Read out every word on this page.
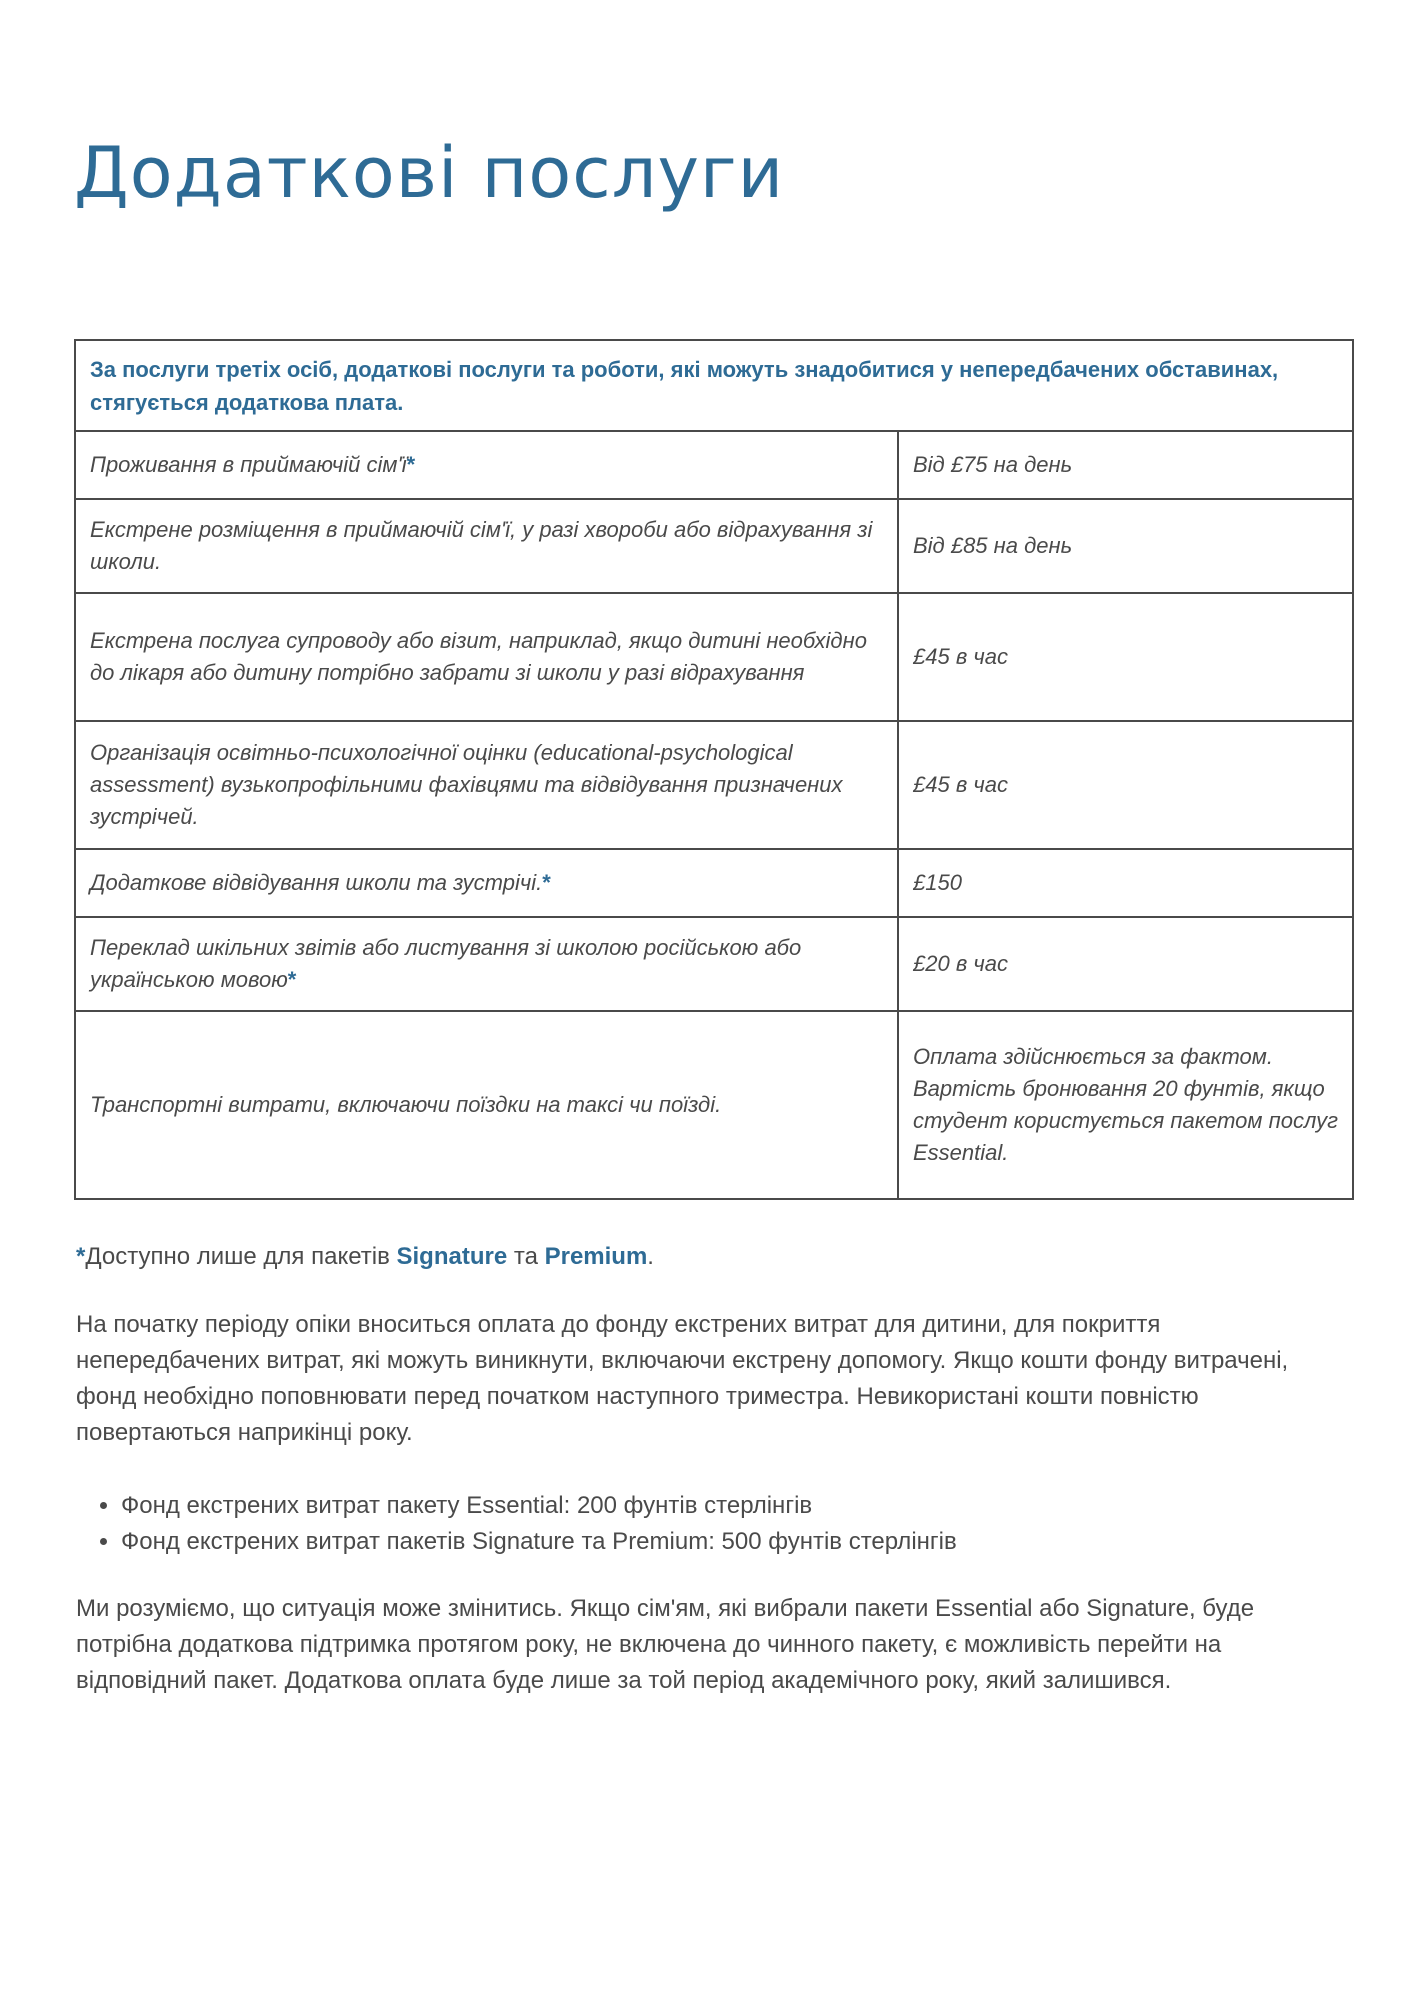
Додаткові послуги
За послуги третіх осіб, додаткові послуги та роботи, які можуть знадобитися у непередбачених обставинах, стягується додаткова плата.	
Проживання в приймаючій сім'ї*	Від £75 на день
Екстрене розміщення в приймаючій сім'ї, у разі хвороби або відрахування зі школи.	Від £85 на день
Екстрена послуга супроводу або візит, наприклад, якщо дитині необхідно до лікаря або дитину потрібно забрати зі школи у разі відрахування	£45 в час
Організація освітньо-психологічної оцінки (educational-psychological assessment) вузькопрофільними фахівцями та відвідування призначених зустрічей.	£45 в час
Додаткове відвідування школи та зустрічі.*	£150
Переклад шкільних звітів або листування зі школою російською або українською мовою*	£20 в час
Транспортні витрати, включаючи поїздки на таксі чи поїзді.	Оплата здійснюється за фактом. Вартість бронювання 20 фунтів, якщо студент користується пакетом послуг Essential.

*Доступно лише для пакетів Signature та Premium.

На початку періоду опіки вноситься оплата до фонду екстрених витрат для дитини, для покриття непередбачених витрат, які можуть виникнути, включаючи екстрену допомогу. Якщо кошти фонду витрачені, фонд необхідно поповнювати перед початком наступного триместра. Невикористані кошти повністю повертаються наприкінці року.

• Фонд екстрених витрат пакету Essential: 200 фунтів стерлінгів
• Фонд екстрених витрат пакетів Signature та Premium: 500 фунтів стерлінгів

Ми розуміємо, що ситуація може змінитись. Якщо сім'ям, які вибрали пакети Essential або Signature, буде потрібна додаткова підтримка протягом року, не включена до чинного пакету, є можливість перейти на відповідний пакет. Додаткова оплата буде лише за той період академічного року, який залишився.
